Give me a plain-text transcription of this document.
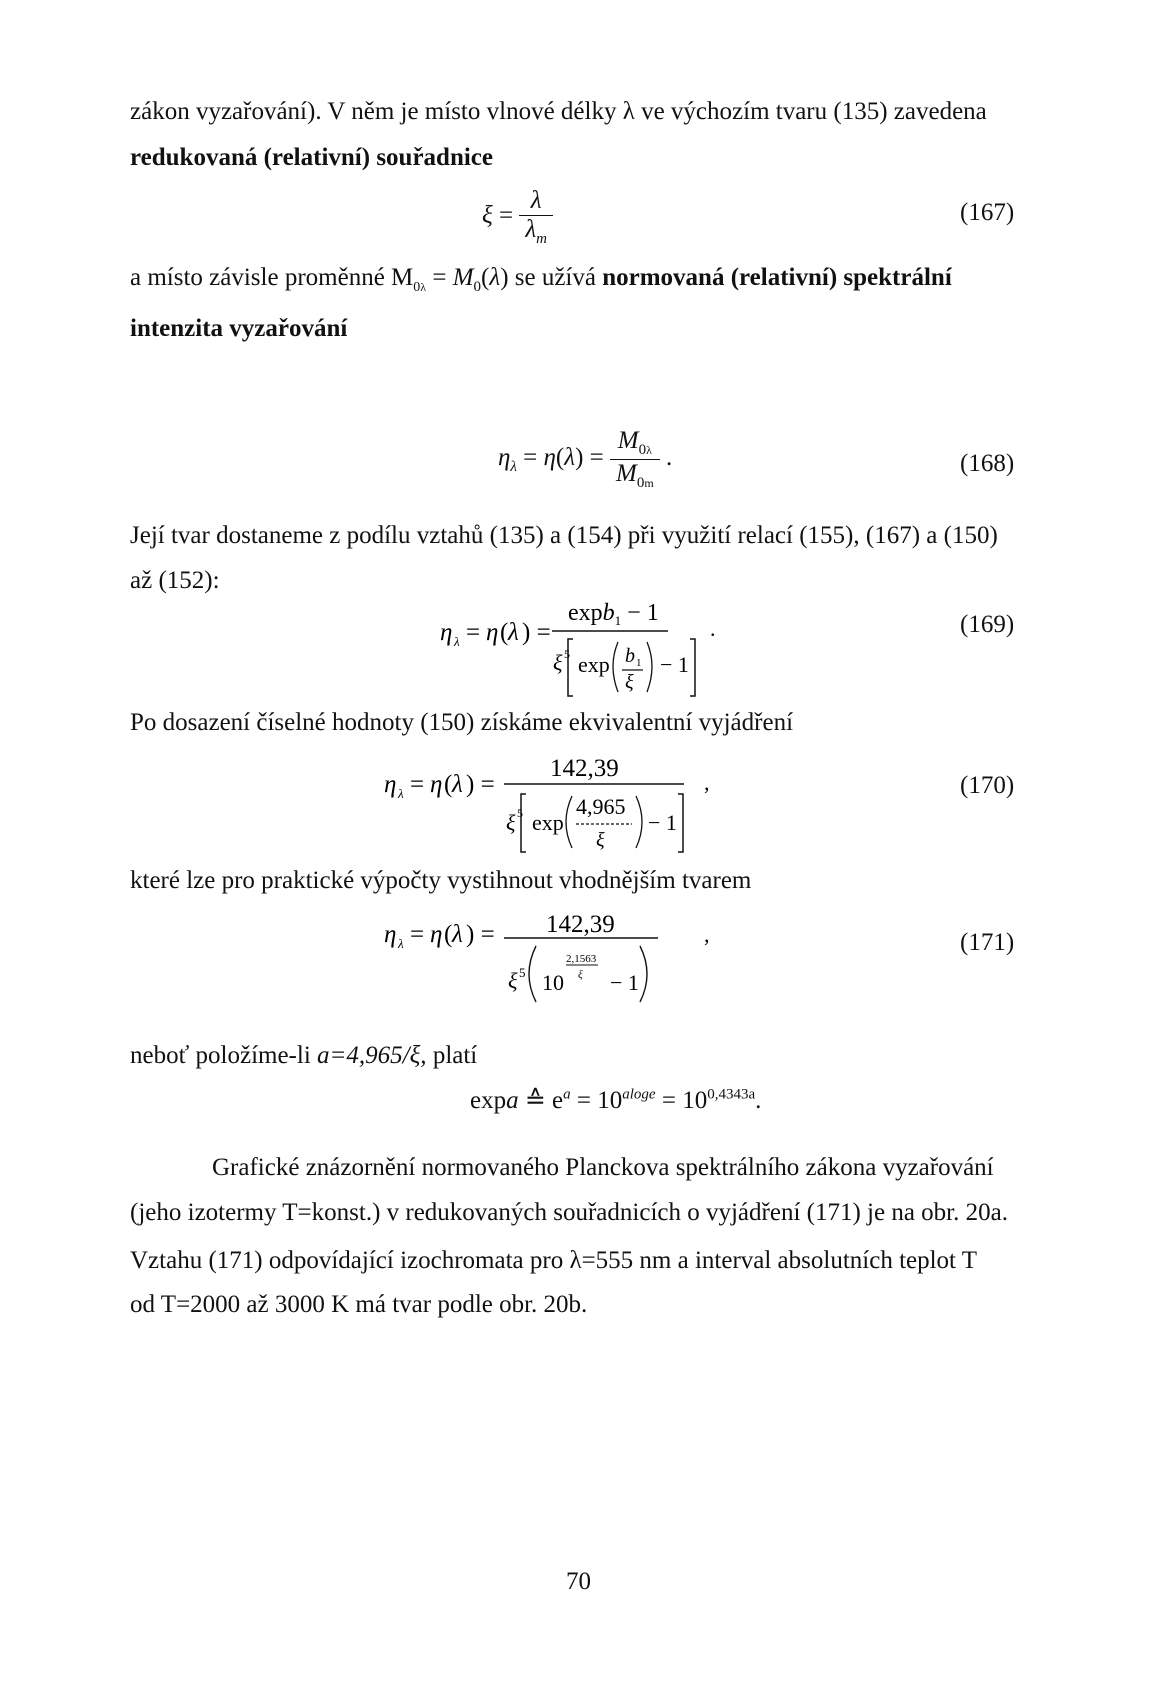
zákon vyzařování). V něm je místo vlnové délky λ ve výchozím tvaru (135) zavedena
redukovaná (relativní) souřadnice
$\xi = \frac{\lambda}{\lambda_m}$	(167)
a místo závisle proměnné $M_{0\lambda} = M_0(\lambda)$ se užívá normovaná (relativní) spektrální
intenzita vyzařování
$\eta_\lambda = \eta(\lambda) = \frac{M_{0\lambda}}{M_{0m}}$ .	(168)
Její tvar dostaneme z podílu vztahů (135) a (154) při využití relací (155), (167) a (150)
až (152):
η λ = η ( λ ) =
expb$_1$ − 1
ξ 5 exp b 1
ξ
− 1
.	(169)
Po dosazení číselné hodnoty (150) získáme ekvivalentní vyjádření
η λ = η ( λ ) =
142,39
ξ 5 exp
4,965
ξ
− 1
,	(170)
které lze pro praktické výpočty vystihnout vhodnějším tvarem
η λ = η ( λ ) = 142,39
ξ 5 10
2,1563
ξ − 1
,	(171)
neboť položíme-li a=4,965/ξ, platí
expa ≙ $e^a = 10^{aloge} = 10^{0,4343a}$.
Grafické znázornění normovaného Planckova spektrálního zákona vyzařování
(jeho izotermy T=konst.) v redukovaných souřadnicích o vyjádření (171) je na obr. 20a.
Vztahu (171) odpovídající izochromata pro λ=555 nm a interval absolutních teplot T
od T=2000 až 3000 K má tvar podle obr. 20b.
70
